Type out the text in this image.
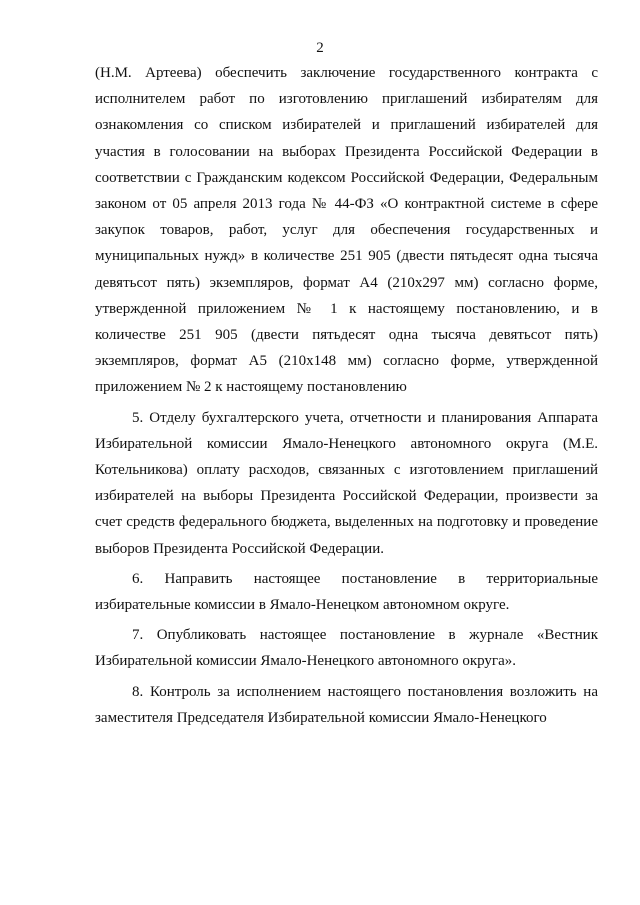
2

(Н.М. Артеева) обеспечить заключение государственного контракта с исполнителем работ по изготовлению приглашений избирателям для ознакомления со списком избирателей и приглашений избирателей для участия в голосовании на выборах Президента Российской Федерации в соответствии с Гражданским кодексом Российской Федерации, Федеральным законом от 05 апреля 2013 года № 44-ФЗ «О контрактной системе в сфере закупок товаров, работ, услуг для обеспечения государственных и муниципальных нужд» в количестве 251 905 (двести пятьдесят одна тысяча девятьсот пять) экземпляров, формат А4 (210х297 мм) согласно форме, утвержденной приложением № 1 к настоящему постановлению, и в количестве 251 905 (двести пятьдесят одна тысяча девятьсот пять) экземпляров, формат А5 (210х148 мм) согласно форме, утвержденной приложением № 2 к настоящему постановлению

5. Отделу бухгалтерского учета, отчетности и планирования Аппарата Избирательной комиссии Ямало-Ненецкого автономного округа (М.Е. Котельникова) оплату расходов, связанных с изготовлением приглашений избирателей на выборы Президента Российской Федерации, произвести за счет средств федерального бюджета, выделенных на подготовку и проведение выборов Президента Российской Федерации.

6. Направить настоящее постановление в территориальные избирательные комиссии в Ямало-Ненецком автономном округе.

7. Опубликовать настоящее постановление в журнале «Вестник Избирательной комиссии Ямало-Ненецкого автономного округа».

8. Контроль за исполнением настоящего постановления возложить на заместителя Председателя Избирательной комиссии Ямало-Ненецкого
